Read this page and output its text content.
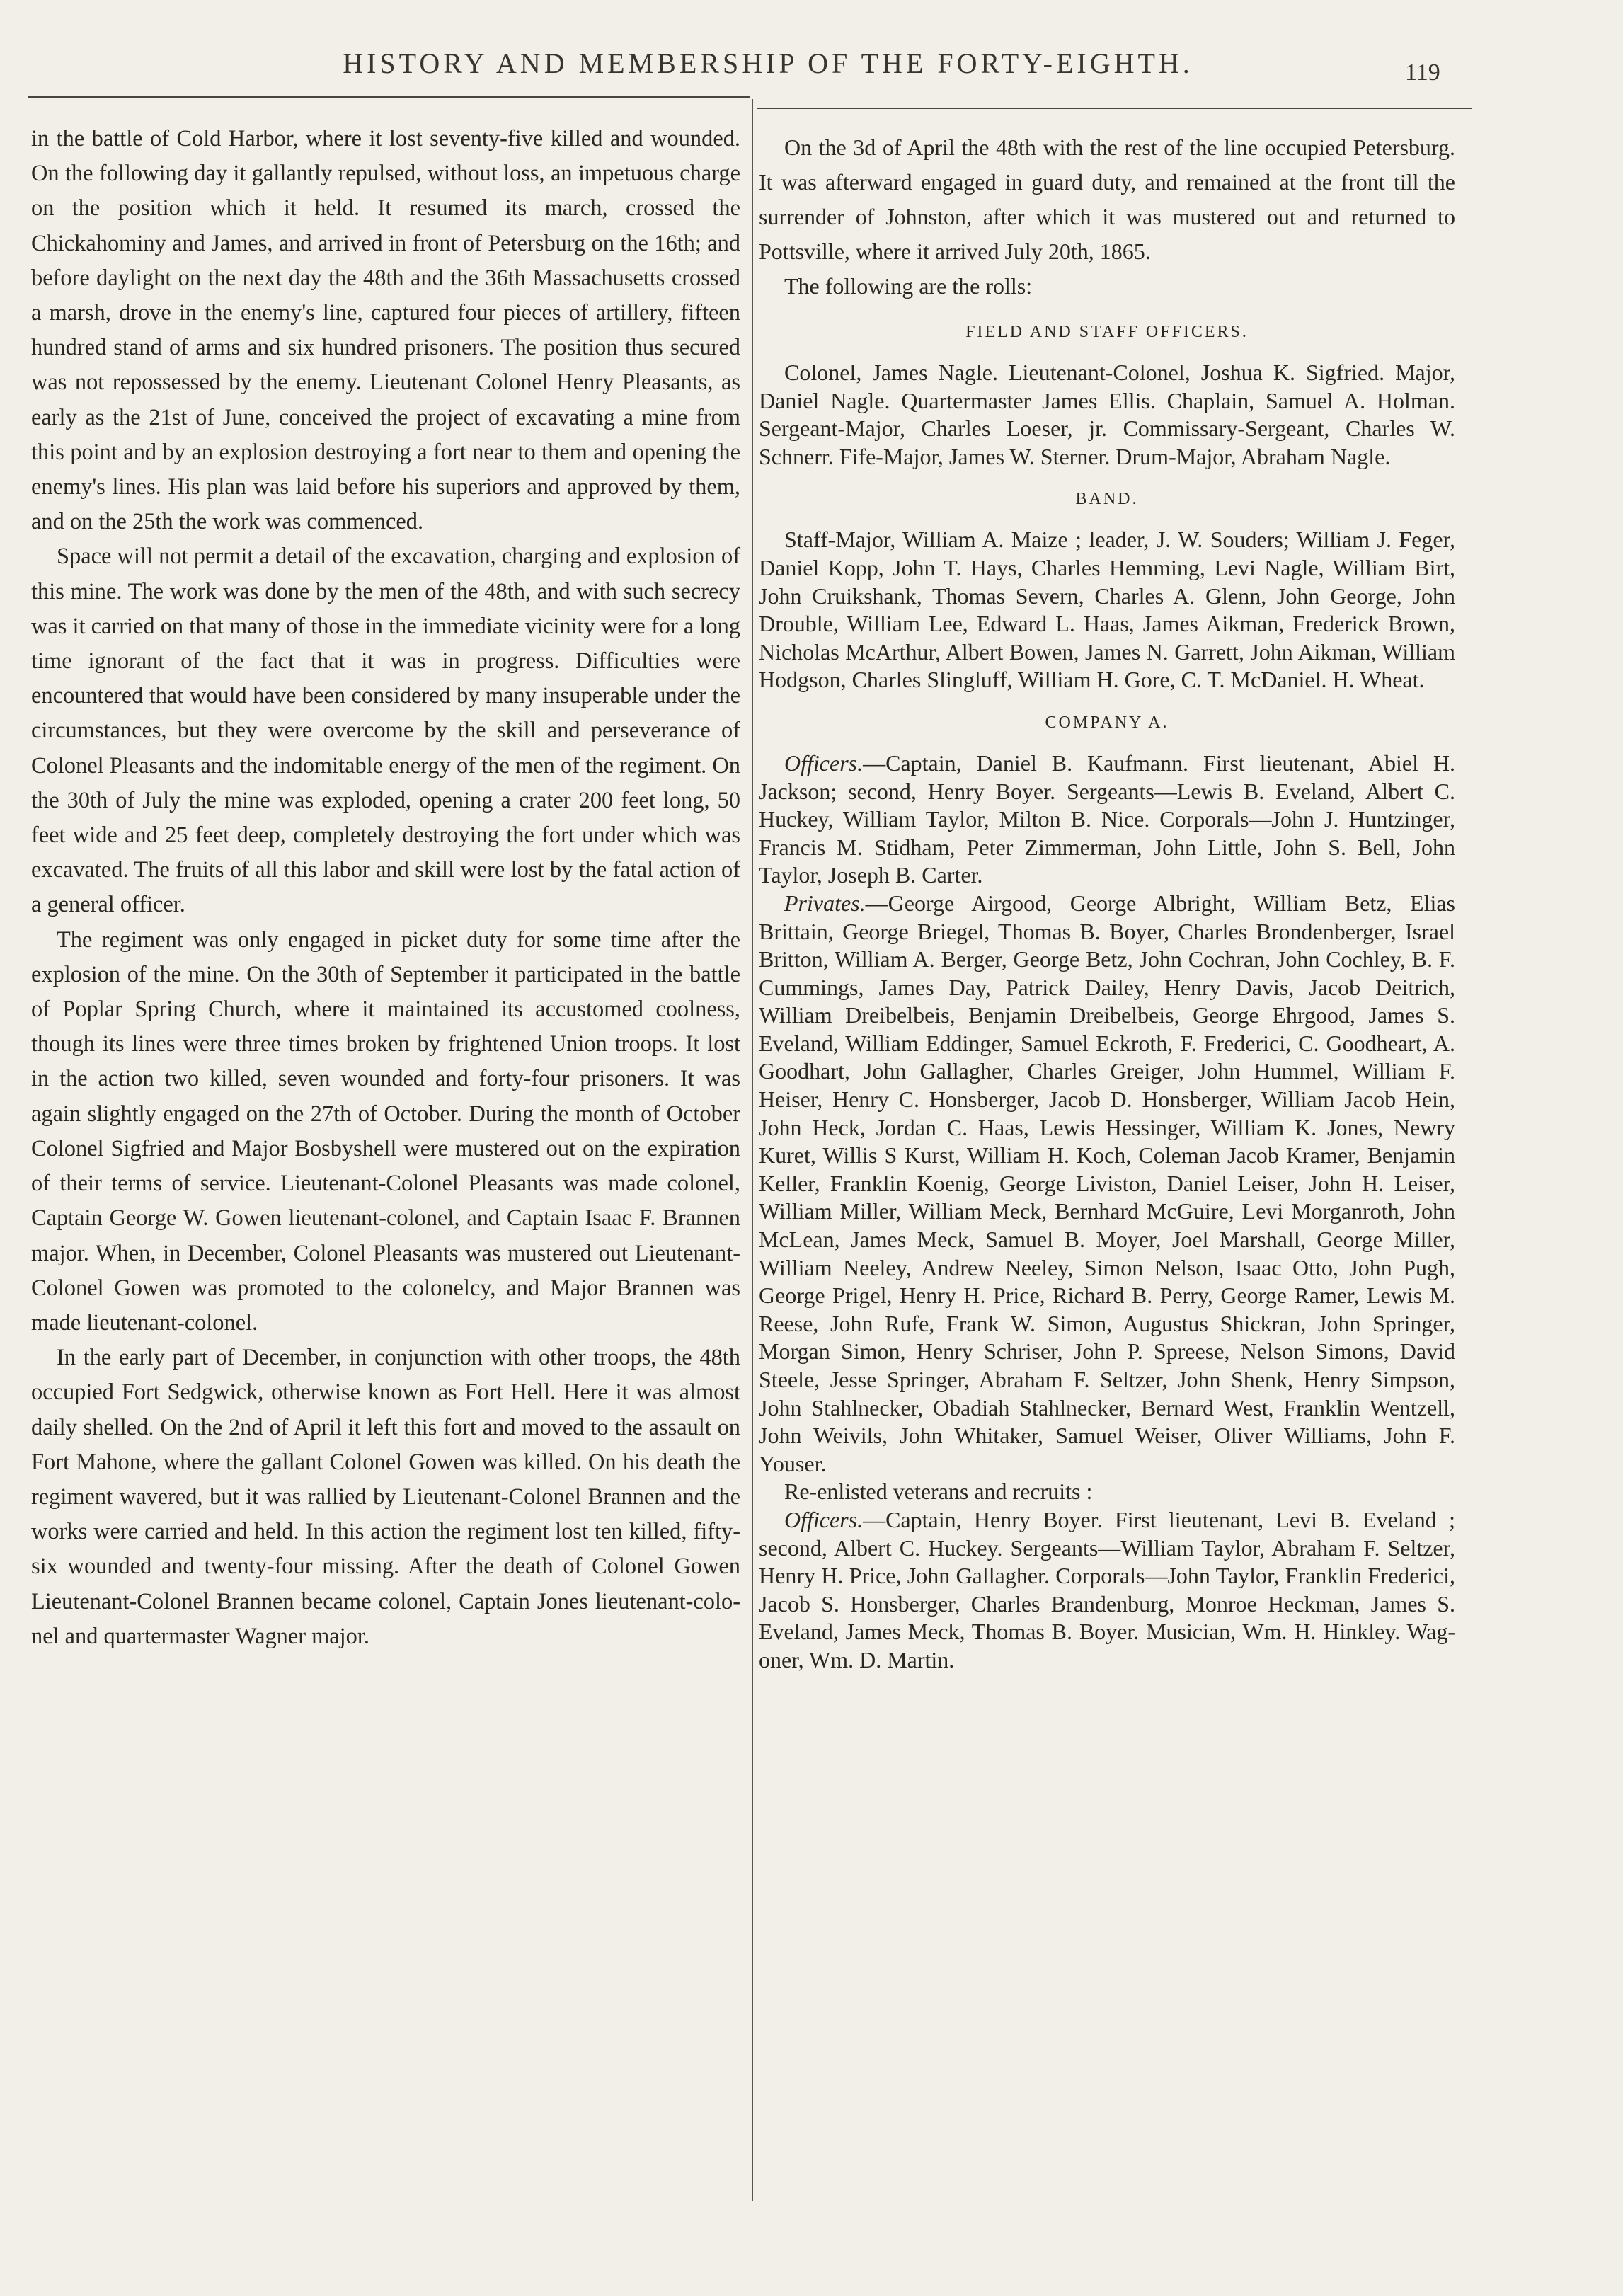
HISTORY AND MEMBERSHIP OF THE FORTY-EIGHTH.	119

in the battle of Cold Harbor, where it lost seventy-five killed and wounded. On the following day it gallantly repulsed, without loss, an impetuous charge on the position which it held. It resumed its march, crossed the Chickahominy and James, and arrived in front of Petersburg on the 16th; and before daylight on the next day the 48th and the 36th Massachusetts crossed a marsh, drove in the enemy's line, captured four pieces of artillery, fifteen hundred stand of arms and six hundred prisoners. The position thus secured was not repossessed by the enemy. Lieutenant Colonel Henry Pleasants, as early as the 21st of June, conceived the project of excavating a mine from this point and by an explosion destroying a fort near to them and opening the enemy's lines. His plan was laid before his superiors and approved by them, and on the 25th the work was commenced.

Space will not permit a detail of the excavation, charging and explosion of this mine. The work was done by the men of the 48th, and with such secrecy was it carried on that many of those in the immediate vicinity were for a long time ignorant of the fact that it was in progress. Difficulties were encountered that would have been considered by many insuperable under the circumstances, but they were overcome by the skill and perseverance of Colonel Pleasants and the indomitable energy of the men of the regiment. On the 30th of July the mine was exploded, opening a crater 200 feet long, 50 feet wide and 25 feet deep, completely destroying the fort under which was excavated. The fruits of all this labor and skill were lost by the fatal action of a general officer.

The regiment was only engaged in picket duty for some time after the explosion of the mine. On the 30th of September it participated in the battle of Poplar Spring Church, where it maintained its accustomed coolness, though its lines were three times broken by frightened Union troops. It lost in the action two killed, seven wounded and forty-four prisoners. It was again slightly engaged on the 27th of October. During the month of October Colonel Sigfried and Major Bosbyshell were mustered out on the expiration of their terms of service. Lieutenant-Colonel Pleasants was made colonel, Captain George W. Gowen lieutenant-colonel, and Captain Isaac F. Brannen major. When, in December, Colonel Pleasants was mustered out Lieutenant-Colonel Gowen was promoted to the colonelcy, and Major Brannen was made lieutenant-colonel.

In the early part of December, in conjunction with other troops, the 48th occupied Fort Sedgwick, otherwise known as Fort Hell. Here it was almost daily shelled. On the 2nd of April it left this fort and moved to the assault on Fort Mahone, where the gallant Colonel Gowen was killed. On his death the regiment wavered, but it was rallied by Lieutenant-Colonel Brannen and the works were carried and held. In this action the regiment lost ten killed, fifty-six wounded and twenty-four missing. After the death of Colonel Gowen Lieutenant-Colonel Brannen became colonel, Captain Jones lieutenant-colonel and quartermaster Wagner major.

On the 3d of April the 48th with the rest of the line occupied Petersburg. It was afterward engaged in guard duty, and remained at the front till the surrender of Johnston, after which it was mustered out and returned to Pottsville, where it arrived July 20th, 1865.

The following are the rolls:

FIELD AND STAFF OFFICERS.

Colonel, James Nagle. Lieutenant-Colonel, Joshua K. Sigfried. Major, Daniel Nagle. Quartermaster James Ellis. Chaplain, Samuel A. Holman. Sergeant-Major, Charles Loeser, jr. Commissary-Sergeant, Charles W. Schnerr. Fife-Major, James W. Sterner. Drum-Major, Abraham Nagle.

BAND.

Staff-Major, William A. Maize ; leader, J. W. Souders; William J. Feger, Daniel Kopp, John T. Hays, Charles Hemming, Levi Nagle, William Birt, John Cruikshank, Thomas Severn, Charles A. Glenn, John George, John Drouble, William Lee, Edward L. Haas, James Aikman, Frederick Brown, Nicholas McArthur, Albert Bowen, James N. Garrett, John Aikman, William Hodgson, Charles Slingluff, William H. Gore, C. T. McDaniel. H. Wheat.

COMPANY A.

Officers.—Captain, Daniel B. Kaufmann. First lieutenant, Abiel H. Jackson; second, Henry Boyer. Sergeants—Lewis B. Eveland, Albert C. Huckey, William Taylor, Milton B. Nice. Corporals—John J. Huntzinger, Francis M. Stidham, Peter Zimmerman, John Little, John S. Bell, John Taylor, Joseph B. Carter.

Privates.—George Airgood, George Albright, William Betz, Elias Brittain, George Briegel, Thomas B. Boyer, Charles Brondenberger, Israel Britton, William A. Berger, George Betz, John Cochran, John Cochley, B. F. Cummings, James Day, Patrick Dailey, Henry Davis, Jacob Deitrich, William Dreibelbeis, Benjamin Dreibelbeis, George Ehrgood, James S. Eveland, William Eddinger, Samuel Eckroth, F. Frederici, C. Goodheart, A. Goodhart, John Gallagher, Charles Greiger, John Hummel, William F. Heiser, Henry C. Honsberger, Jacob D. Honsberger, William Jacob Hein, John Heck, Jordan C. Haas, Lewis Hessinger, William K. Jones, Newry Kuret, Willis S Kurst, William H. Koch, Coleman Jacob Kramer, Benjamin Keller, Franklin Koenig, George Liviston, Daniel Leiser, John H. Leiser, William Miller, William Meck, Bernhard McGuire, Levi Morganroth, John McLean, James Meck, Samuel B. Moyer, Joel Marshall, George Miller, William Neeley, Andrew Neeley, Simon Nelson, Isaac Otto, John Pugh, George Prigel, Henry H. Price, Richard B. Perry, George Ramer, Lewis M. Reese, John Rufe, Frank W. Simon, Augustus Shickran, John Springer, Morgan Simon, Henry Schriser, John P. Spreese, Nelson Simons, David Steele, Jesse Springer, Abraham F. Seltzer, John Shenk, Henry Simpson, John Stahlnecker, Obadiah Stahlnecker, Bernard West, Franklin Wentzell, John Weivils, John Whitaker, Samuel Weiser, Oliver Williams, John F. Youser.

Re-enlisted veterans and recruits :

Officers.—Captain, Henry Boyer. First lieutenant, Levi B. Eveland ; second, Albert C. Huckey. Sergeants—William Taylor, Abraham F. Seltzer, Henry H. Price, John Gallagher. Corporals—John Taylor, Franklin Frederici, Jacob S. Honsberger, Charles Brandenburg, Monroe Heckman, James S. Eveland, James Meck, Thomas B. Boyer. Musician, Wm. H. Hinkley. Wagoner, Wm. D. Martin.
